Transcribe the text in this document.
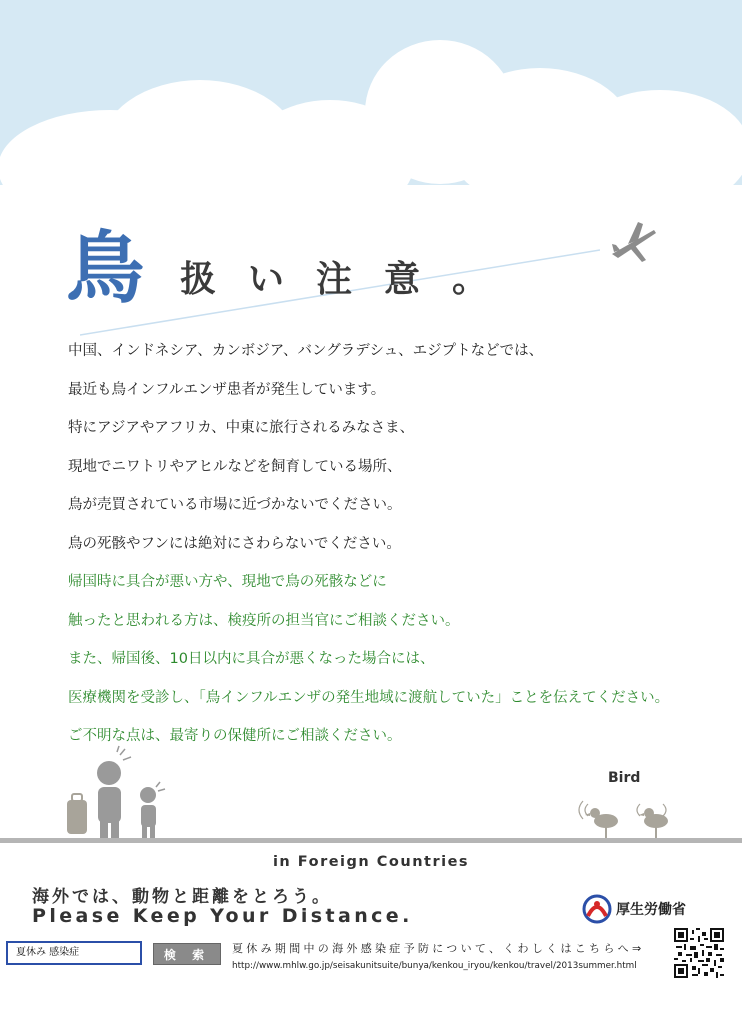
鳥 扱い注意。
中国、インドネシア、カンボジア、バングラデシュ、エジプトなどでは、
最近も鳥インフルエンザ患者が発生しています。
特にアジアやアフリカ、中東に旅行されるみなさま、
現地でニワトリやアヒルなどを飼育している場所、
鳥が売買されている市場に近づかないでください。
鳥の死骸やフンには絶対にさわらないでください。
帰国時に具合が悪い方や、現地で鳥の死骸などに
触ったと思われる方は、検疫所の担当官にご相談ください。
また、帰国後、10日以内に具合が悪くなった場合には、
医療機関を受診し、「鳥インフルエンザの発生地域に渡航していた」ことを伝えてください。
ご不明な点は、最寄りの保健所にご相談ください。
Bird
in Foreign Countries
海外では、動物と距離をとろう。
Please Keep Your Distance.	厚生労働省
夏休み 感染症	検 索	夏休み期間中の海外感染症予防について、くわしくはこちらへ⇒
http://www.mhlw.go.jp/seisakunitsuite/bunya/kenkou_iryou/kenkou/travel/2013summer.html
